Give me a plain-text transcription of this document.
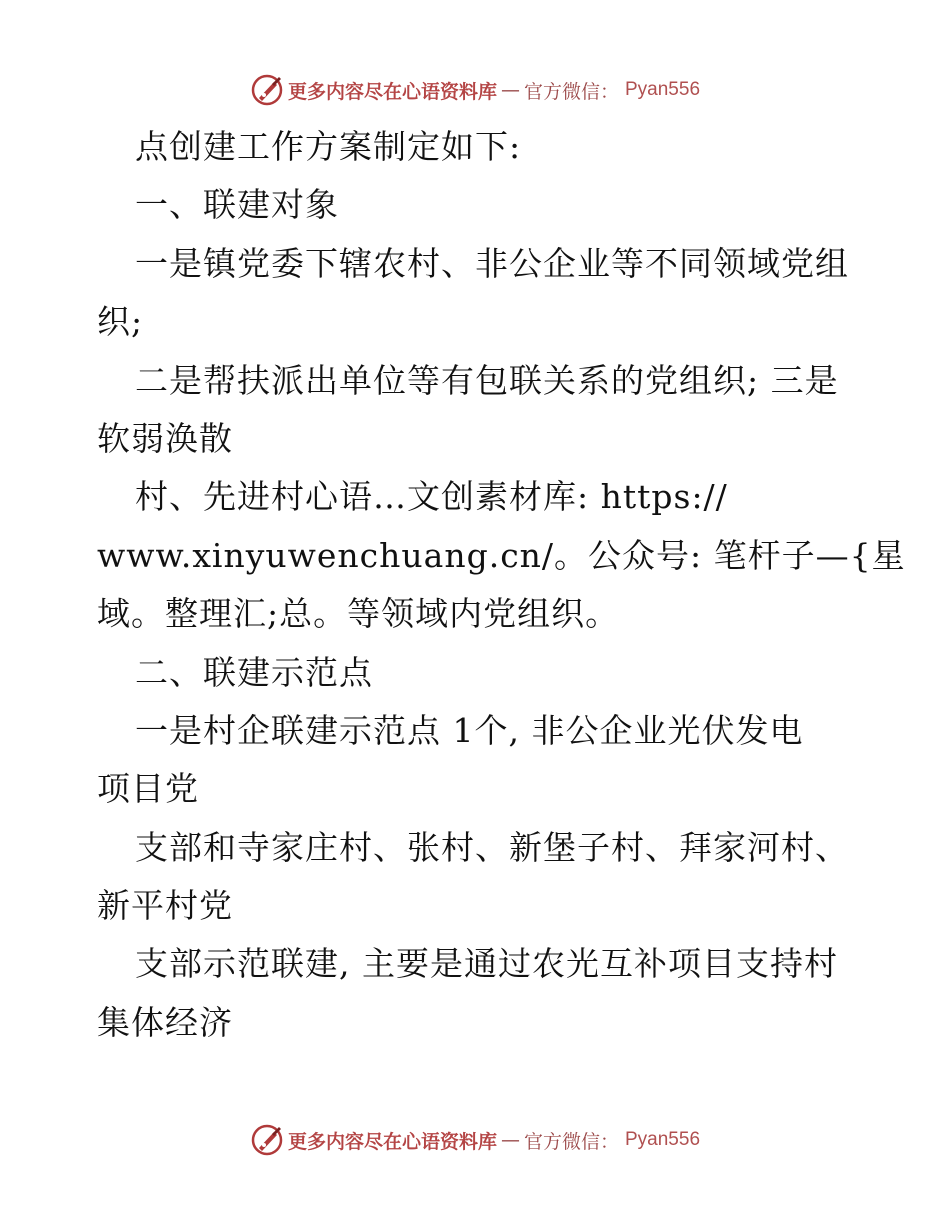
更多内容尽在心语资料库 — 官方微信： Pyan556
点创建工作方案制定如下:
一、联建对象
一是镇党委下辖农村、非公企业等不同领域党组
织;
二是帮扶派出单位等有包联关系的党组织; 三是
软弱涣散
村、先进村心语…文创素材库: https://
www.xinyuwenchuang.cn/。公众号: 笔杆子—{星
域。整理汇;总。等领域内党组织。
二、联建示范点
一是村企联建示范点 1个, 非公企业光伏发电
项目党
支部和寺家庄村、张村、新堡子村、拜家河村、
新平村党
支部示范联建, 主要是通过农光互补项目支持村
集体经济
更多内容尽在心语资料库 — 官方微信： Pyan556
